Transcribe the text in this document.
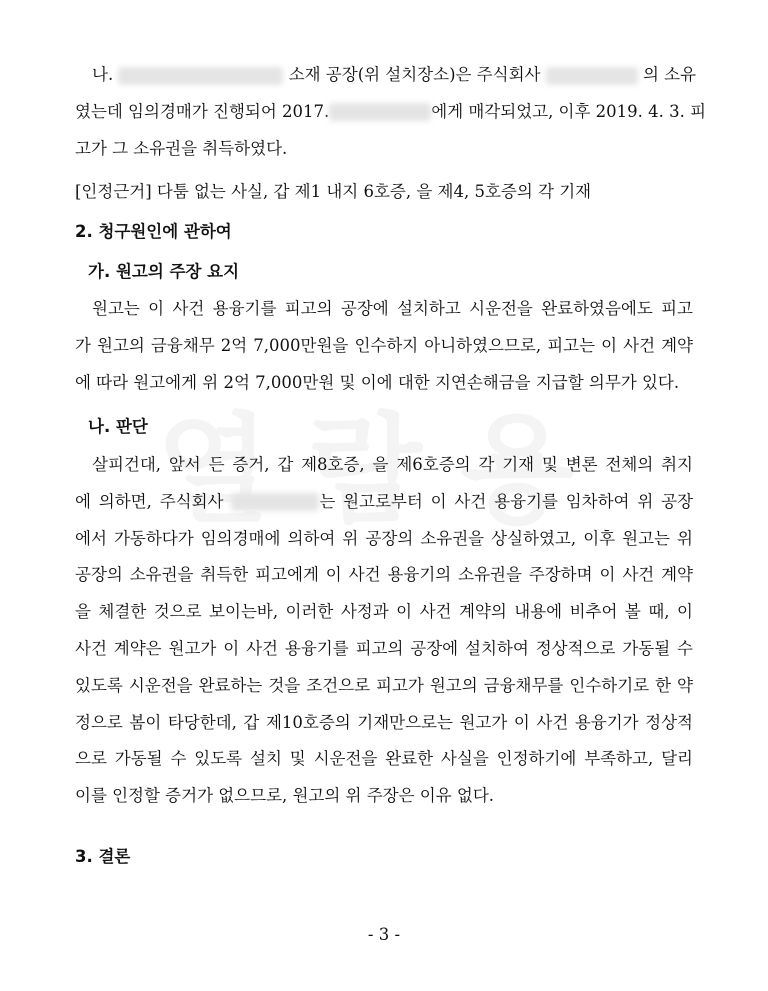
나.	소재 공장(위 설치장소)은 주식회사	의 소유
였는데 임의경매가 진행되어 2017.	에게 매각되었고, 이후 2019. 4. 3. 피
고가 그 소유권을 취득하였다.
[인정근거] 다툼 없는 사실, 갑 제1 내지 6호증, 을 제4, 5호증의 각 기재
2. 청구원인에 관하여
가. 원고의 주장 요지
원고는 이 사건 용융기를 피고의 공장에 설치하고 시운전을 완료하였음에도 피고
가 원고의 금융채무 2억 7,000만원을 인수하지 아니하였으므로, 피고는 이 사건 계약
에 따라 원고에게 위 2억 7,000만원 및 이에 대한 지연손해금을 지급할 의무가 있다.
나. 판단
살피건대, 앞서 든 증거, 갑 제8호증, 을 제6호증의 각 기재 및 변론 전체의 취지
에 의하면, 주식회사	는 원고로부터 이 사건 용융기를 임차하여 위 공장
에서 가동하다가 임의경매에 의하여 위 공장의 소유권을 상실하였고, 이후 원고는 위
공장의 소유권을 취득한 피고에게 이 사건 용융기의 소유권을 주장하며 이 사건 계약
을 체결한 것으로 보이는바, 이러한 사정과 이 사건 계약의 내용에 비추어 볼 때, 이
사건 계약은 원고가 이 사건 용융기를 피고의 공장에 설치하여 정상적으로 가동될 수
있도록 시운전을 완료하는 것을 조건으로 피고가 원고의 금융채무를 인수하기로 한 약
정으로 봄이 타당한데, 갑 제10호증의 기재만으로는 원고가 이 사건 용융기가 정상적
으로 가동될 수 있도록 설치 및 시운전을 완료한 사실을 인정하기에 부족하고, 달리
이를 인정할 증거가 없으므로, 원고의 위 주장은 이유 없다.
3. 결론
- 3 -
